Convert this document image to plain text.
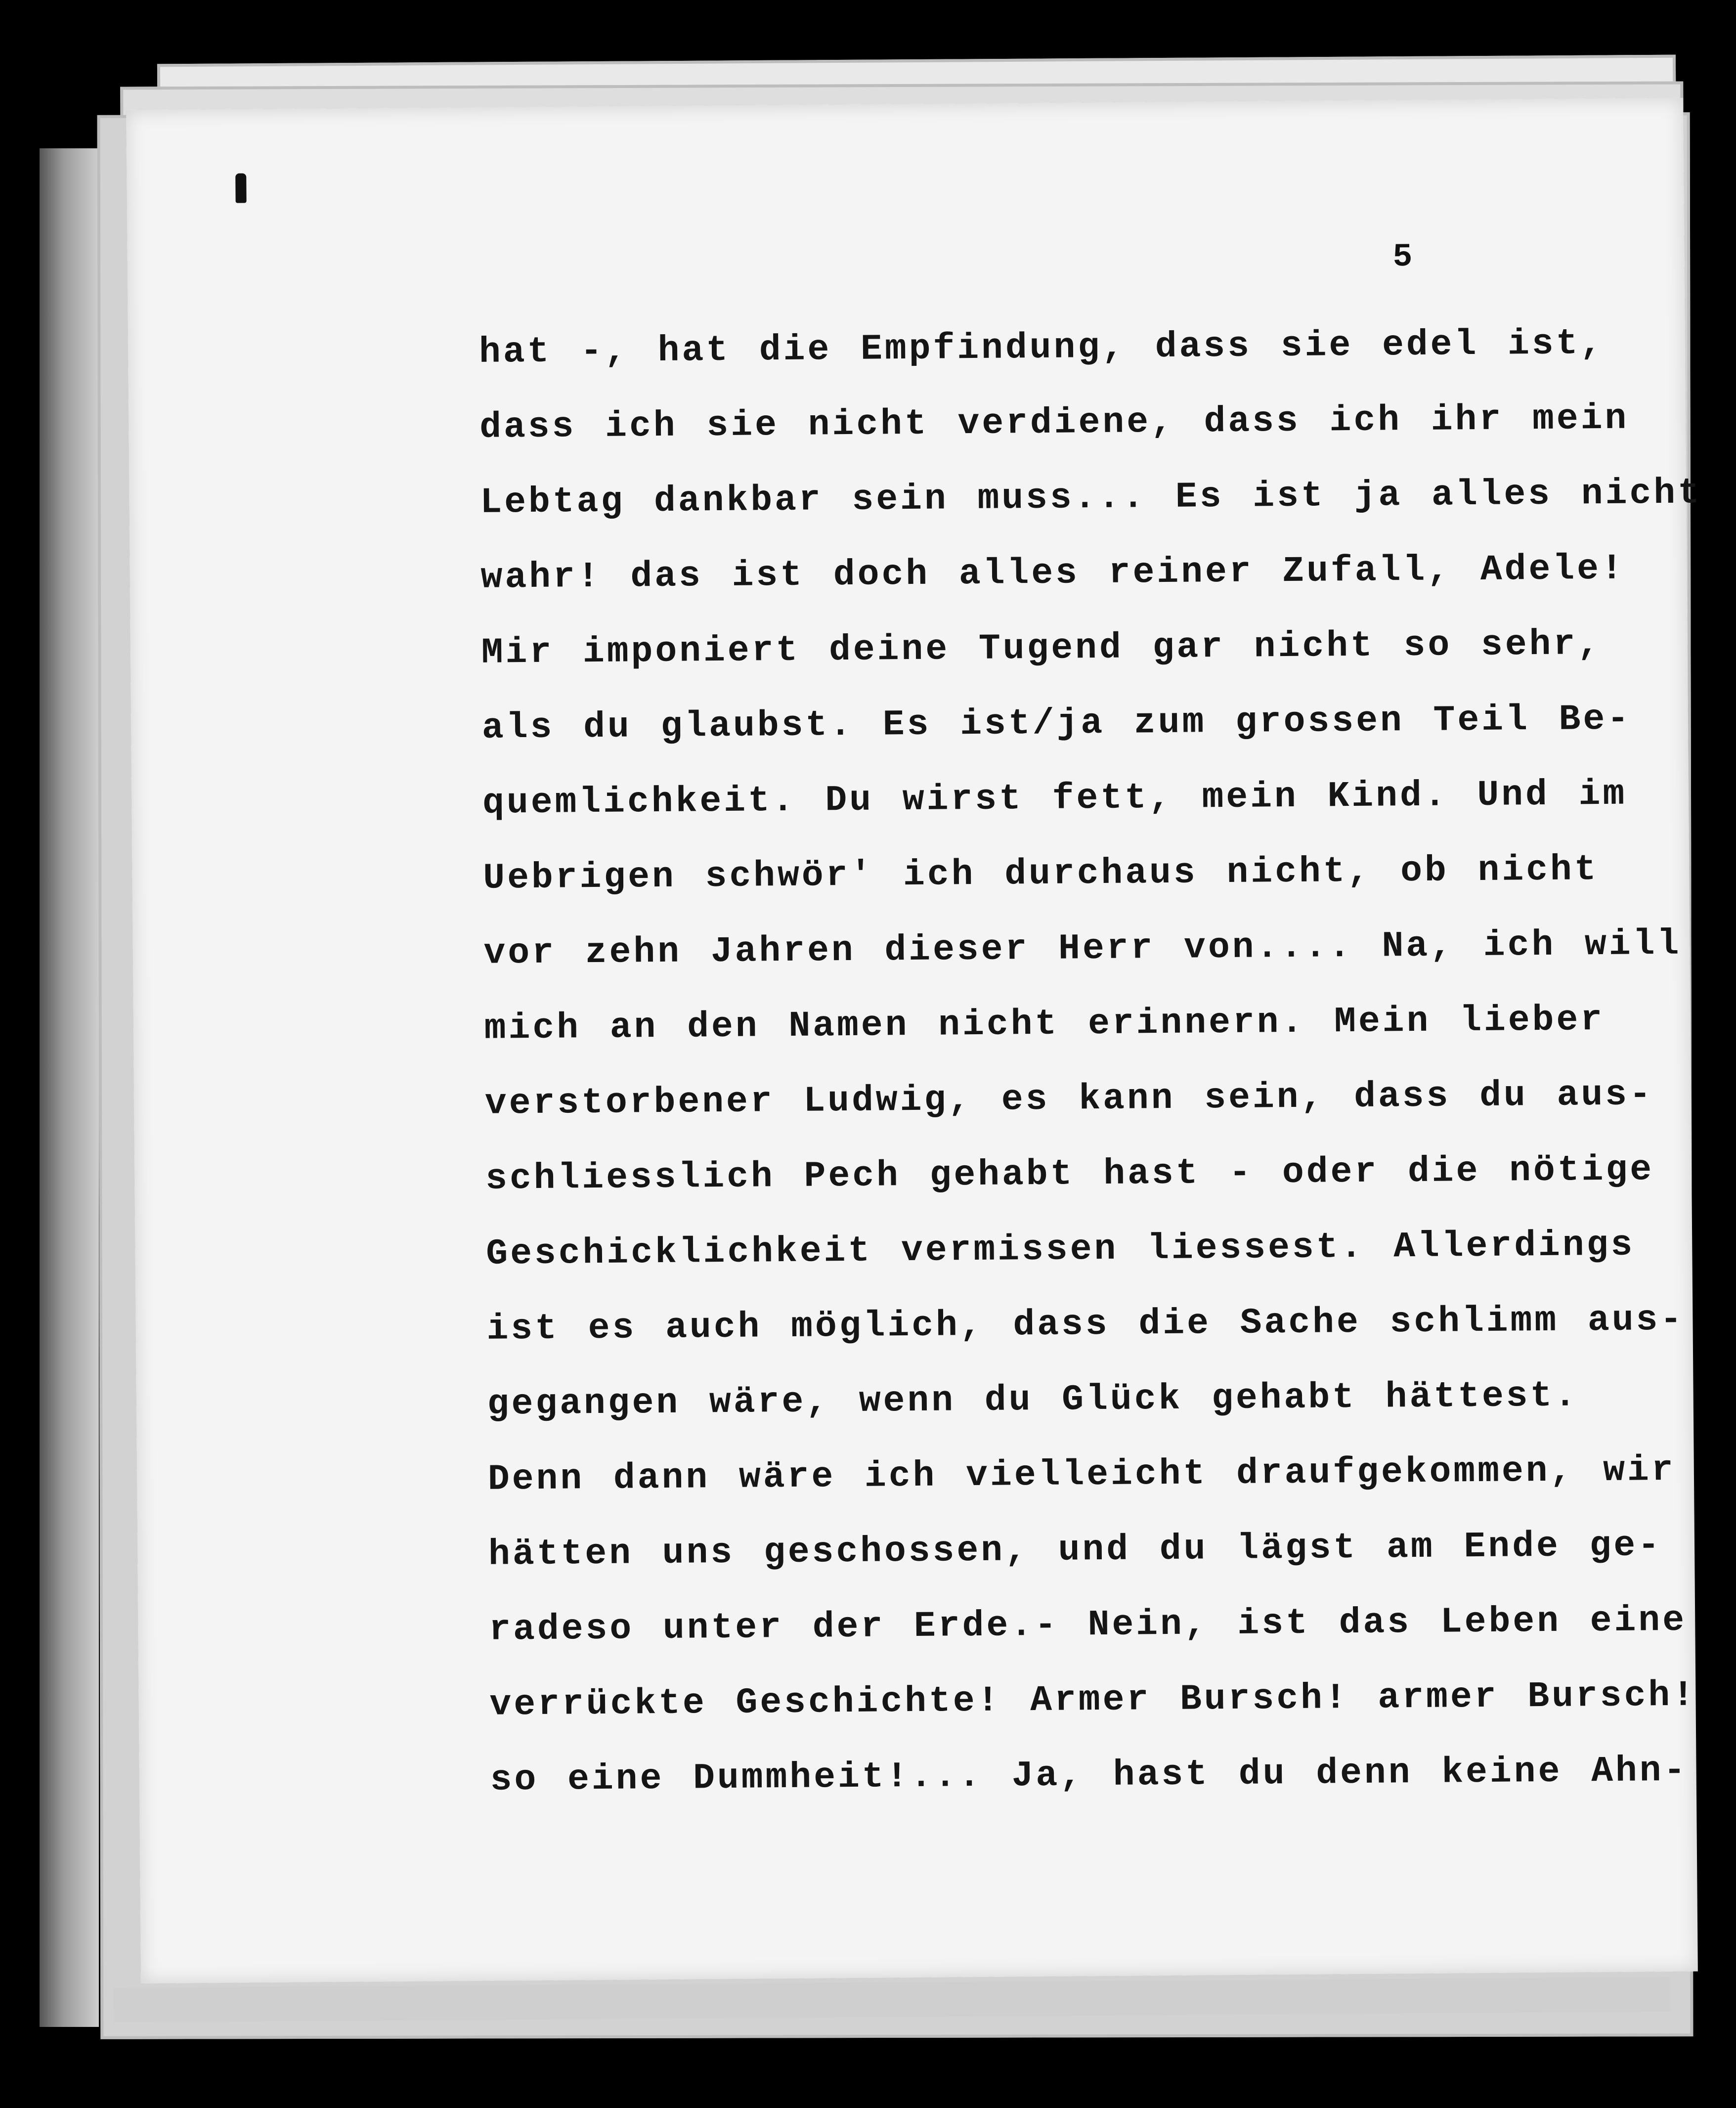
5
hat -, hat die Empfindung, dass sie edel ist,
dass ich sie nicht verdiene, dass ich ihr mein
Lebtag dankbar sein muss... Es ist ja alles nicht
wahr! das ist doch alles reiner Zufall, Adele!
Mir imponiert deine Tugend gar nicht so sehr,
als du glaubst. Es ist/ja zum grossen Teil Be-
quemlichkeit. Du wirst fett, mein Kind. Und im
Uebrigen schwör' ich durchaus nicht, ob nicht
vor zehn Jahren dieser Herr von.... Na, ich will
mich an den Namen nicht erinnern. Mein lieber
verstorbener Ludwig, es kann sein, dass du aus-
schliesslich Pech gehabt hast - oder die nötige
Geschicklichkeit vermissen liessest. Allerdings
ist es auch möglich, dass die Sache schlimm aus-
gegangen wäre, wenn du Glück gehabt hättest.
Denn dann wäre ich vielleicht draufgekommen, wir
hätten uns geschossen, und du lägst am Ende ge-
radeso unter der Erde.- Nein, ist das Leben eine
verrückte Geschichte! Armer Bursch! armer Bursch!
so eine Dummheit!... Ja, hast du denn keine Ahn-
